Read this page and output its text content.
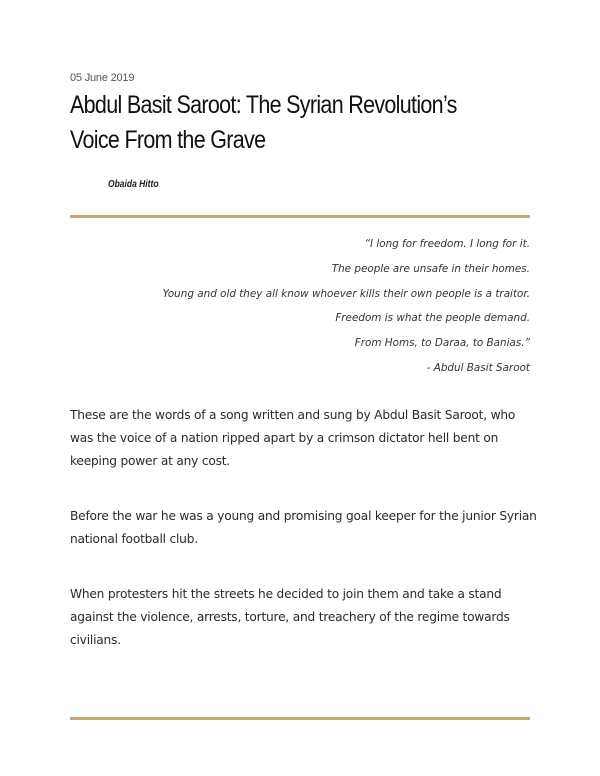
05 June 2019
Abdul Basit Saroot: The Syrian Revolution’s
Voice From the Grave
Obaida Hitto
“I long for freedom. I long for it.
The people are unsafe in their homes.
Young and old they all know whoever kills their own people is a traitor.
Freedom is what the people demand.
From Homs, to Daraa, to Banias.”
- Abdul Basit Saroot

These are the words of a song written and sung by Abdul Basit Saroot, who was the voice of a nation ripped apart by a crimson dictator hell bent on keeping power at any cost.

Before the war he was a young and promising goal keeper for the junior Syrian national football club.

When protesters hit the streets he decided to join them and take a stand against the violence, arrests, torture, and treachery of the regime towards civilians.
